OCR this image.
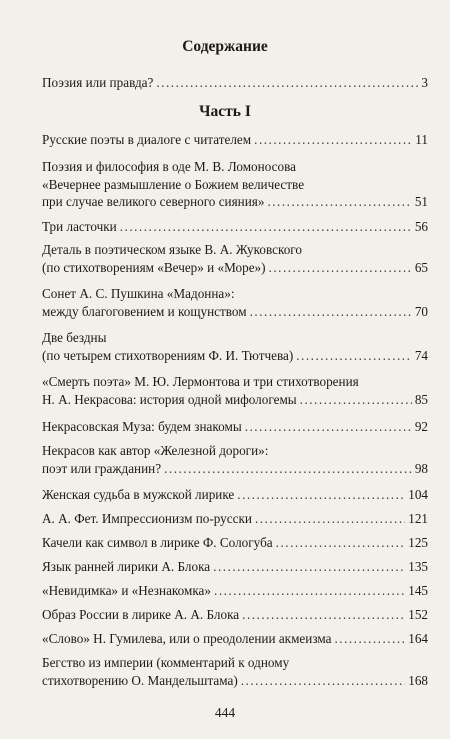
Содержание
Часть I
Поэзия или правда? .....	3
Русские поэты в диалоге с читателем .....	11
Поэзия и философия в оде М. В. Ломоносова
«Вечернее размышление о Божием величестве
при случае великого северного сияния» .....	51
Три ласточки .....	56
Деталь в поэтическом языке В. А. Жуковского
(по стихотворениям «Вечер» и «Море») .....	65
Сонет А. С. Пушкина «Мадонна»:
между благоговением и кощунством .....	70
Две бездны
(по четырем стихотворениям Ф. И. Тютчева) .....	74
«Смерть поэта» М. Ю. Лермонтова и три стихотворения
Н. А. Некрасова: история одной мифологемы .....	85
Некрасовская Муза: будем знакомы .....	92
Некрасов как автор «Железной дороги»:
поэт или гражданин? .....	98
Женская судьба в мужской лирике .....	104
А. А. Фет. Импрессионизм по-русски .....	121
Качели как символ в лирике Ф. Сологуба .....	125
Язык ранней лирики А. Блока .....	135
«Невидимка» и «Незнакомка» .....	145
Образ России в лирике А. А. Блока .....	152
«Слово» Н. Гумилева, или о преодолении акмеизма .....	164
Бегство из империи (комментарий к одному
стихотворению О. Мандельштама) .....	168
444
